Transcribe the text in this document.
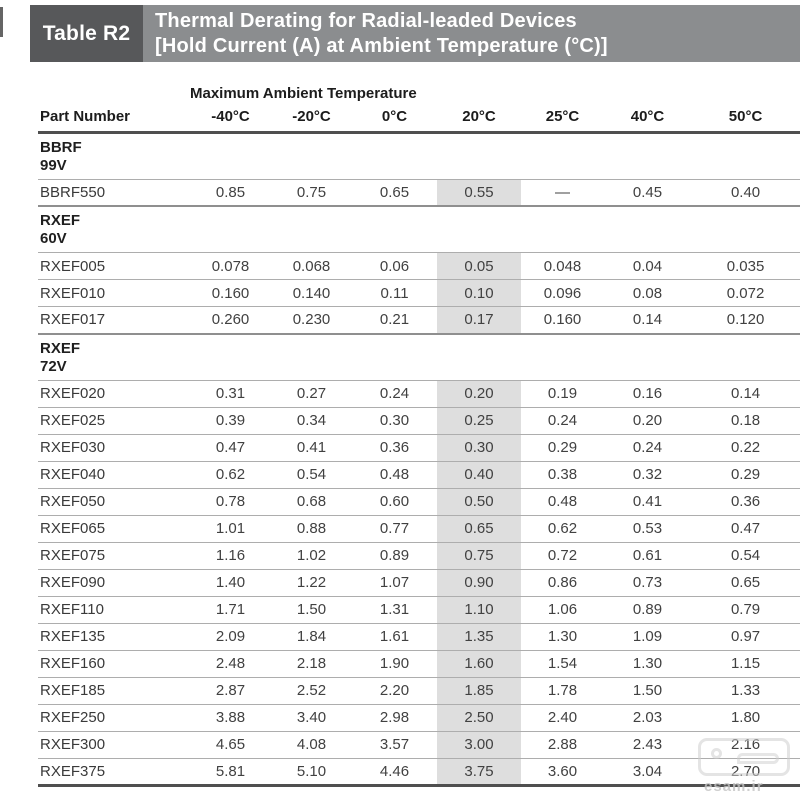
Table R2
Thermal Derating for Radial-leaded Devices
[Hold Current (A) at Ambient Temperature (°C)]
	Maximum Ambient Temperature						
Part Number	-40°C	-20°C	0°C	20°C	25°C	40°C	50°C

BBRF
99V							

BBRF550	0.85	0.75	0.65	0.55	—	0.45	0.40

RXEF
60V							

RXEF005	0.078	0.068	0.06	0.05	0.048	0.04	0.035
RXEF010	0.160	0.140	0.11	0.10	0.096	0.08	0.072
RXEF017	0.260	0.230	0.21	0.17	0.160	0.14	0.120

RXEF
72V							

RXEF020	0.31	0.27	0.24	0.20	0.19	0.16	0.14
RXEF025	0.39	0.34	0.30	0.25	0.24	0.20	0.18
RXEF030	0.47	0.41	0.36	0.30	0.29	0.24	0.22
RXEF040	0.62	0.54	0.48	0.40	0.38	0.32	0.29
RXEF050	0.78	0.68	0.60	0.50	0.48	0.41	0.36
RXEF065	1.01	0.88	0.77	0.65	0.62	0.53	0.47
RXEF075	1.16	1.02	0.89	0.75	0.72	0.61	0.54
RXEF090	1.40	1.22	1.07	0.90	0.86	0.73	0.65
RXEF110	1.71	1.50	1.31	1.10	1.06	0.89	0.79
RXEF135	2.09	1.84	1.61	1.35	1.30	1.09	0.97
RXEF160	2.48	2.18	1.90	1.60	1.54	1.30	1.15
RXEF185	2.87	2.52	2.20	1.85	1.78	1.50	1.33
RXEF250	3.88	3.40	2.98	2.50	2.40	2.03	1.80
RXEF300	4.65	4.08	3.57	3.00	2.88	2.43	2.16
RXEF375	5.81	5.10	4.46	3.75	3.60	3.04	2.70
esam.ir
